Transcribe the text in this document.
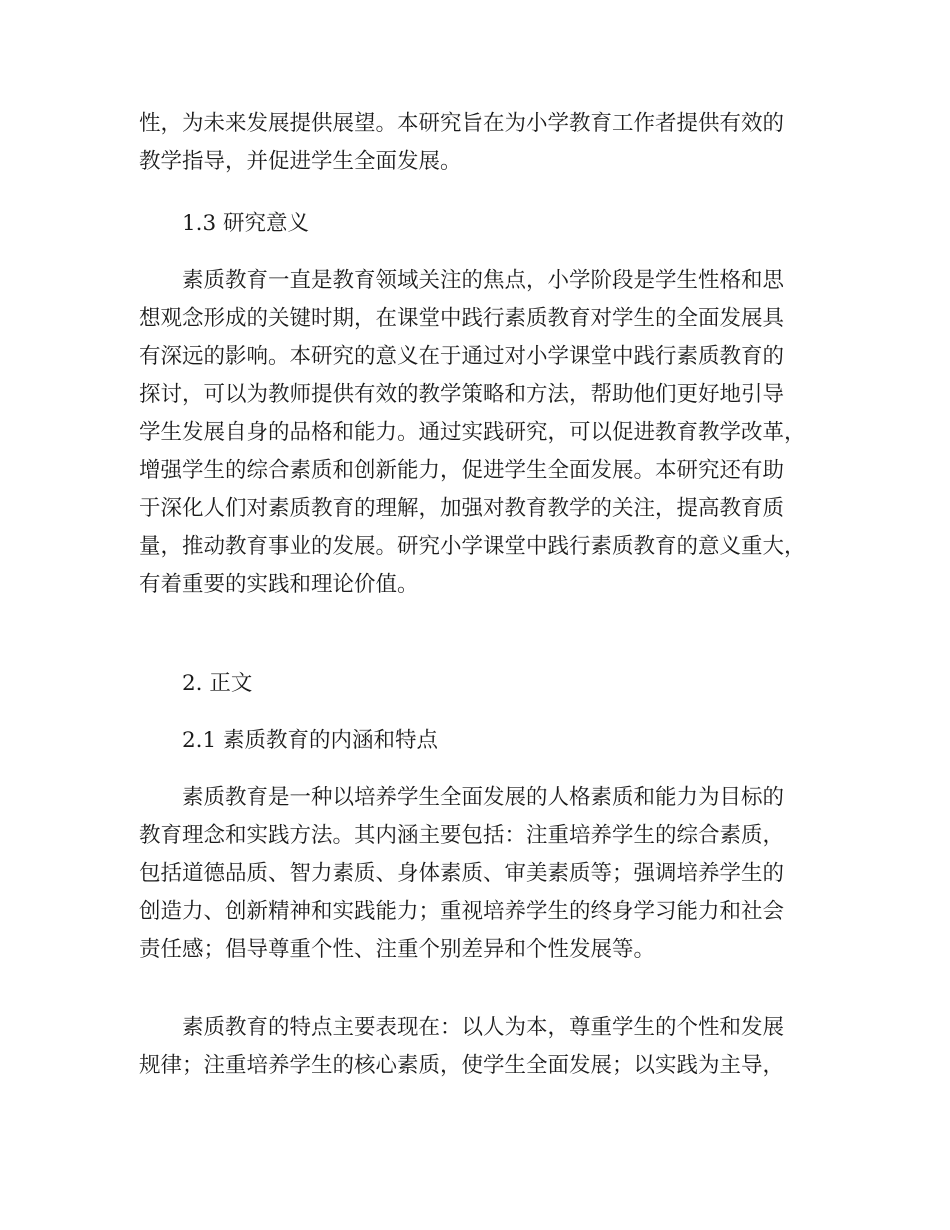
性，为未来发展提供展望。本研究旨在为小学教育工作者提供有效的
教学指导，并促进学生全面发展。
1.3 研究意义
素质教育一直是教育领域关注的焦点，小学阶段是学生性格和思
想观念形成的关键时期，在课堂中践行素质教育对学生的全面发展具
有深远的影响。本研究的意义在于通过对小学课堂中践行素质教育的
探讨，可以为教师提供有效的教学策略和方法，帮助他们更好地引导
学生发展自身的品格和能力。通过实践研究，可以促进教育教学改革，
增强学生的综合素质和创新能力，促进学生全面发展。本研究还有助
于深化人们对素质教育的理解，加强对教育教学的关注，提高教育质
量，推动教育事业的发展。研究小学课堂中践行素质教育的意义重大，
有着重要的实践和理论价值。
2. 正文
2.1 素质教育的内涵和特点
素质教育是一种以培养学生全面发展的人格素质和能力为目标的
教育理念和实践方法。其内涵主要包括：注重培养学生的综合素质，
包括道德品质、智力素质、身体素质、审美素质等；强调培养学生的
创造力、创新精神和实践能力；重视培养学生的终身学习能力和社会
责任感；倡导尊重个性、注重个别差异和个性发展等。
素质教育的特点主要表现在：以人为本，尊重学生的个性和发展
规律；注重培养学生的核心素质，使学生全面发展；以实践为主导，
